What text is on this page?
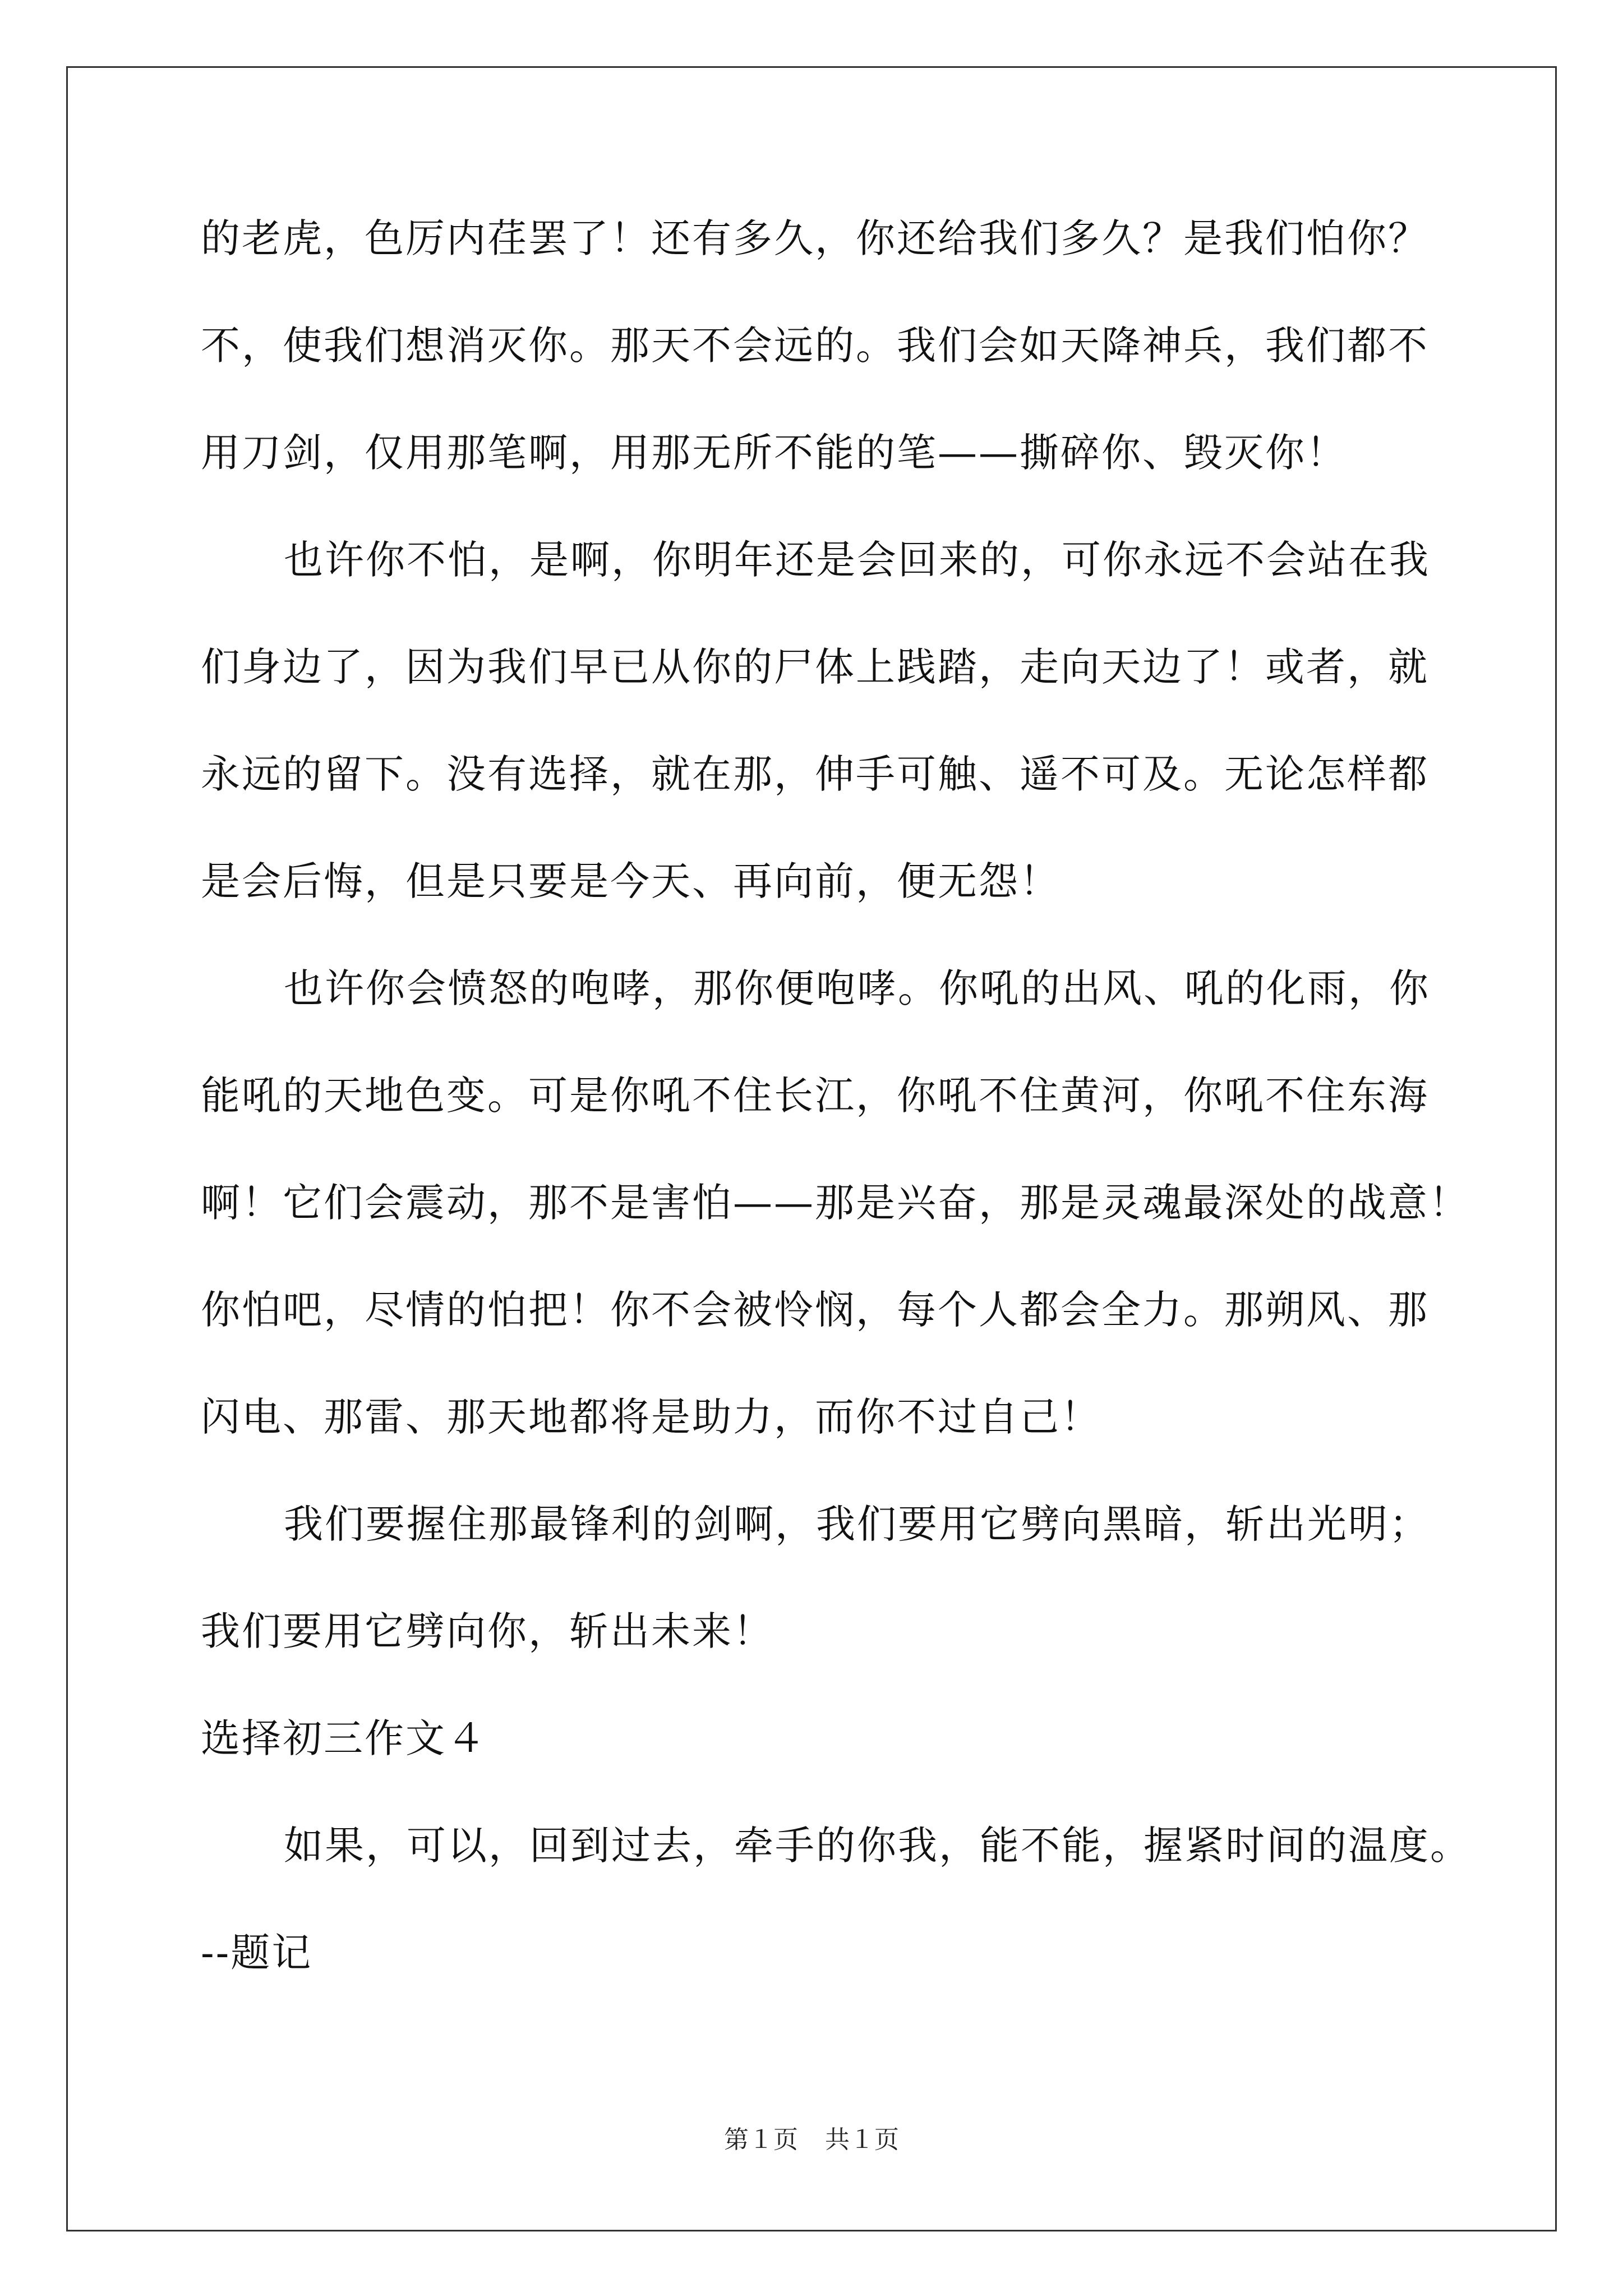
的老虎，色厉内荏罢了！还有多久，你还给我们多久？是我们怕你？
不，使我们想消灭你。那天不会远的。我们会如天降神兵，我们都不
用刀剑，仅用那笔啊，用那无所不能的笔——撕碎你、毁灭你！
也许你不怕，是啊，你明年还是会回来的，可你永远不会站在我
们身边了，因为我们早已从你的尸体上践踏，走向天边了！或者，就
永远的留下。没有选择，就在那，伸手可触、遥不可及。无论怎样都
是会后悔，但是只要是今天、再向前，便无怨！
也许你会愤怒的咆哮，那你便咆哮。你吼的出风、吼的化雨，你
能吼的天地色变。可是你吼不住长江，你吼不住黄河，你吼不住东海
啊！它们会震动，那不是害怕——那是兴奋，那是灵魂最深处的战意！
你怕吧，尽情的怕把！你不会被怜悯，每个人都会全力。那朔风、那
闪电、那雷、那天地都将是助力，而你不过自己！
我们要握住那最锋利的剑啊，我们要用它劈向黑暗，斩出光明；
我们要用它劈向你，斩出未来！
选择初三作文４
如果，可以，回到过去，牵手的你我，能不能，握紧时间的温度。
--题记
第１页 共１页
